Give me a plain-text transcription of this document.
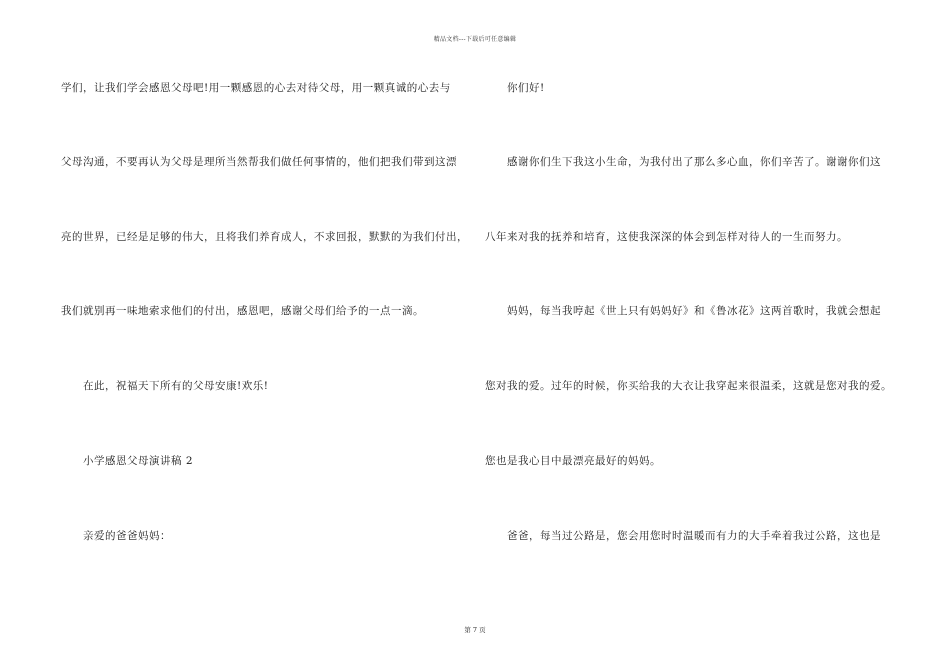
精品文档---下载后可任意编辑
学们，让我们学会感恩父母吧!用一颗感恩的心去对待父母，用一颗真诚的心去与
父母沟通，不要再认为父母是理所当然帮我们做任何事情的，他们把我们带到这漂
亮的世界，已经是足够的伟大，且将我们养育成人，不求回报，默默的为我们付出，
我们就别再一味地索求他们的付出，感恩吧，感谢父母们给予的一点一滴。
在此，祝福天下所有的父母安康!欢乐!
小学感恩父母演讲稿 2
亲爱的爸爸妈妈：
你们好!
感谢你们生下我这小生命，为我付出了那么多心血，你们辛苦了。谢谢你们这
八年来对我的抚养和培育，这使我深深的体会到怎样对待人的一生而努力。
妈妈，每当我哼起《世上只有妈妈好》和《鲁冰花》这两首歌时，我就会想起
您对我的爱。过年的时候，你买给我的大衣让我穿起来很温柔，这就是您对我的爱。
您也是我心目中最漂亮最好的妈妈。
爸爸，每当过公路是，您会用您时时温暖而有力的大手牵着我过公路，这也是
第 7 页
